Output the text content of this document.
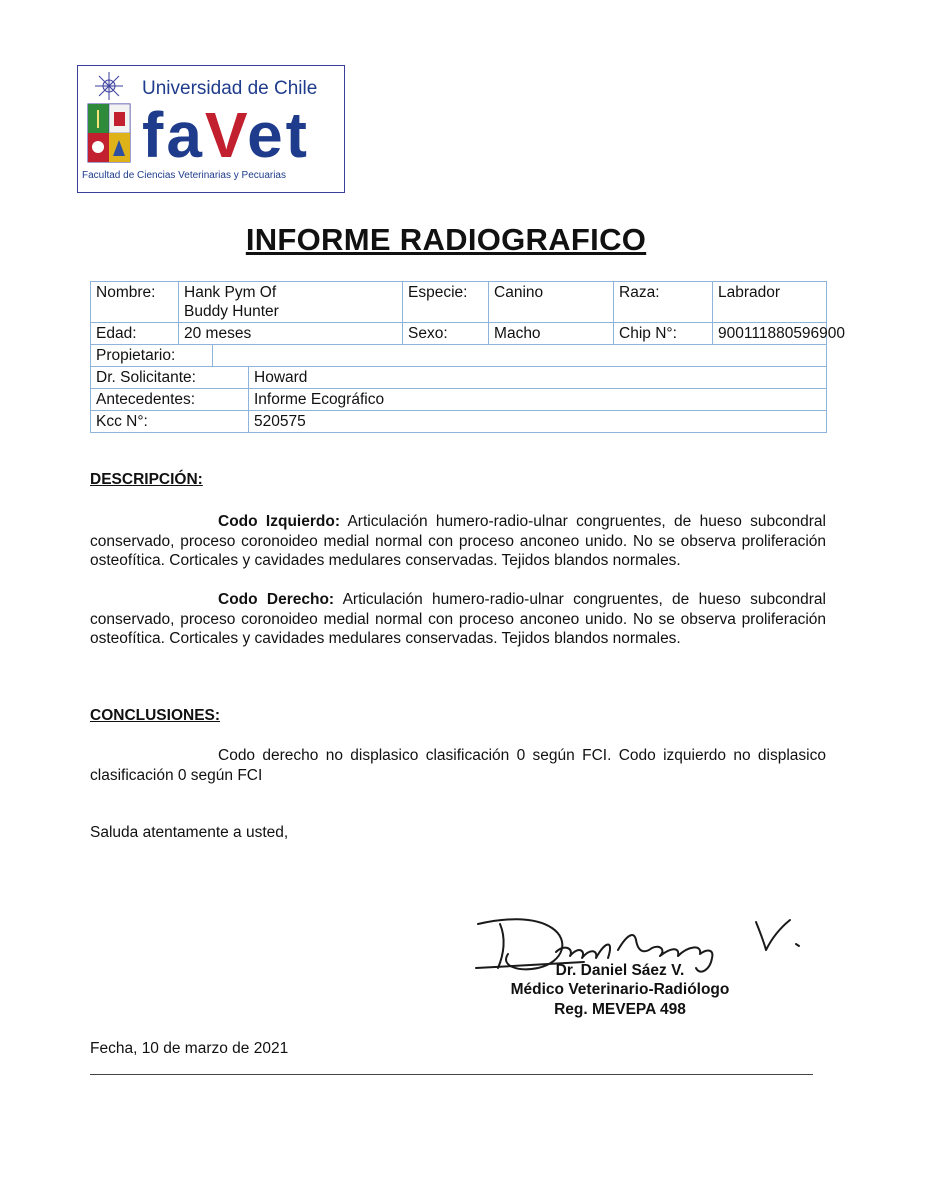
Universidad de Chile
faVet
Facultad de Ciencias Veterinarias y Pecuarias
INFORME RADIOGRAFICO
Nombre:	Hank Pym Of
Buddy Hunter			Especie:	Canino	Raza:	Labrador
Edad:	20 meses			Sexo:	Macho	Chip N°:	900111880596900
Propietario:							
Dr. Solicitante:			Howard				
Antecedentes:			Informe Ecográfico				
Kcc N°:			520575				
DESCRIPCIÓN:

Codo Izquierdo: Articulación humero-radio-ulnar congruentes, de hueso subcondral conservado, proceso coronoideo medial normal con proceso anconeo unido. No se observa proliferación osteofítica. Corticales y cavidades medulares conservadas. Tejidos blandos normales.

Codo Derecho: Articulación humero-radio-ulnar congruentes, de hueso subcondral conservado, proceso coronoideo medial normal con proceso anconeo unido. No se observa proliferación osteofítica. Corticales y cavidades medulares conservadas. Tejidos blandos normales.

CONCLUSIONES:

Codo derecho no displasico clasificación 0 según FCI. Codo izquierdo no displasico clasificación 0 según FCI

Saluda atentamente a usted,
Dr. Daniel Sáez V.
Médico Veterinario-Radiólogo
Reg. MEVEPA 498
Fecha, 10 de marzo de 2021
